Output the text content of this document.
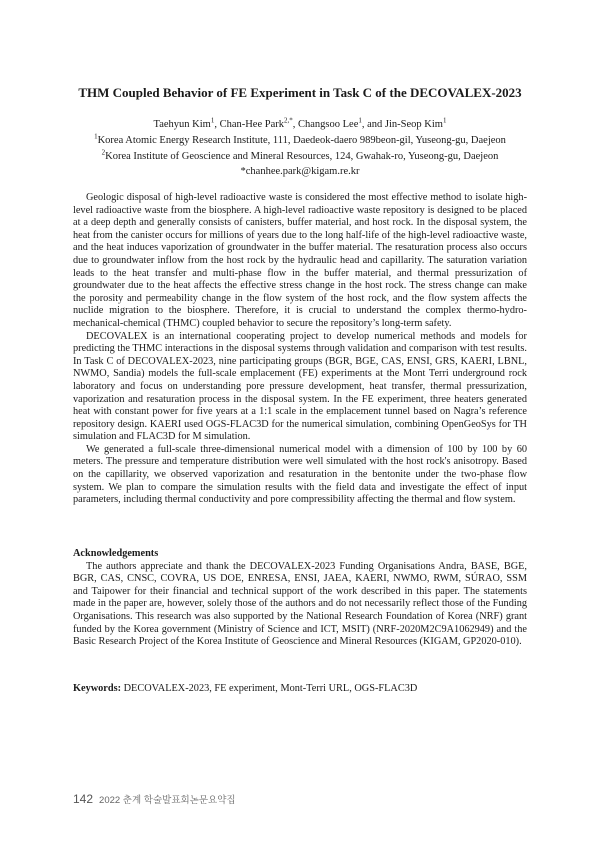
THM Coupled Behavior of FE Experiment in Task C of the DECOVALEX-2023
Taehyun Kim$^1$, Chan-Hee Park$^{2,*}$, Changsoo Lee$^1$, and Jin-Seop Kim$^1$
$^1$Korea Atomic Energy Research Institute, 111, Daedeok-daero 989beon-gil, Yuseong-gu, Daejeon
$^2$Korea Institute of Geoscience and Mineral Resources, 124, Gwahak-ro, Yuseong-gu, Daejeon
*chanhee.park@kigam.re.kr

Geologic disposal of high-level radioactive waste is considered the most effective method to isolate high-level radioactive waste from the biosphere. A high-level radioactive waste repository is designed to be placed at a deep depth and generally consists of canisters, buffer material, and host rock. In the disposal system, the heat from the canister occurs for millions of years due to the long half-life of the high-level radioactive waste, and the heat induces vaporization of groundwater in the buffer material. The resaturation process also occurs due to groundwater inflow from the host rock by the hydraulic head and capillarity. The saturation variation leads to the heat transfer and multi-phase flow in the buffer material, and thermal pressurization of groundwater due to the heat affects the effective stress change in the host rock. The stress change can make the porosity and permeability change in the flow system of the host rock, and the flow system affects the nuclide migration to the biosphere. Therefore, it is crucial to understand the complex thermo-hydro-mechanical-chemical (THMC) coupled behavior to secure the repository’s long-term safety.

DECOVALEX is an international cooperating project to develop numerical methods and models for predicting the THMC interactions in the disposal systems through validation and comparison with test results. In Task C of DECOVALEX-2023, nine participating groups (BGR, BGE, CAS, ENSI, GRS, KAERI, LBNL, NWMO, Sandia) models the full-scale emplacement (FE) experiments at the Mont Terri underground rock laboratory and focus on understanding pore pressure development, heat transfer, thermal pressurization, vaporization and resaturation process in the disposal system. In the FE experiment, three heaters generated heat with constant power for five years at a 1:1 scale in the emplacement tunnel based on Nagra’s reference repository design. KAERI used OGS-FLAC3D for the numerical simulation, combining OpenGeoSys for TH simulation and FLAC3D for M simulation.

We generated a full-scale three-dimensional numerical model with a dimension of 100 by 100 by 60 meters. The pressure and temperature distribution were well simulated with the host rock's anisotropy. Based on the capillarity, we observed vaporization and resaturation in the bentonite under the two-phase flow system. We plan to compare the simulation results with the field data and investigate the effect of input parameters, including thermal conductivity and pore compressibility affecting the thermal and flow system.

Acknowledgements

The authors appreciate and thank the DECOVALEX-2023 Funding Organisations Andra, BASE, BGE, BGR, CAS, CNSC, COVRA, US DOE, ENRESA, ENSI, JAEA, KAERI, NWMO, RWM, SÚRAO, SSM and Taipower for their financial and technical support of the work described in this paper. The statements made in the paper are, however, solely those of the authors and do not necessarily reflect those of the Funding Organisations. This research was also supported by the National Research Foundation of Korea (NRF) grant funded by the Korea government (Ministry of Science and ICT, MSIT) (NRF-2020M2C9A1062949) and the Basic Research Project of the Korea Institute of Geoscience and Mineral Resources (KIGAM, GP2020-010).

Keywords: DECOVALEX-2023, FE experiment, Mont-Terri URL, OGS-FLAC3D

142 2022 춘계 학술발표회논문요약집
